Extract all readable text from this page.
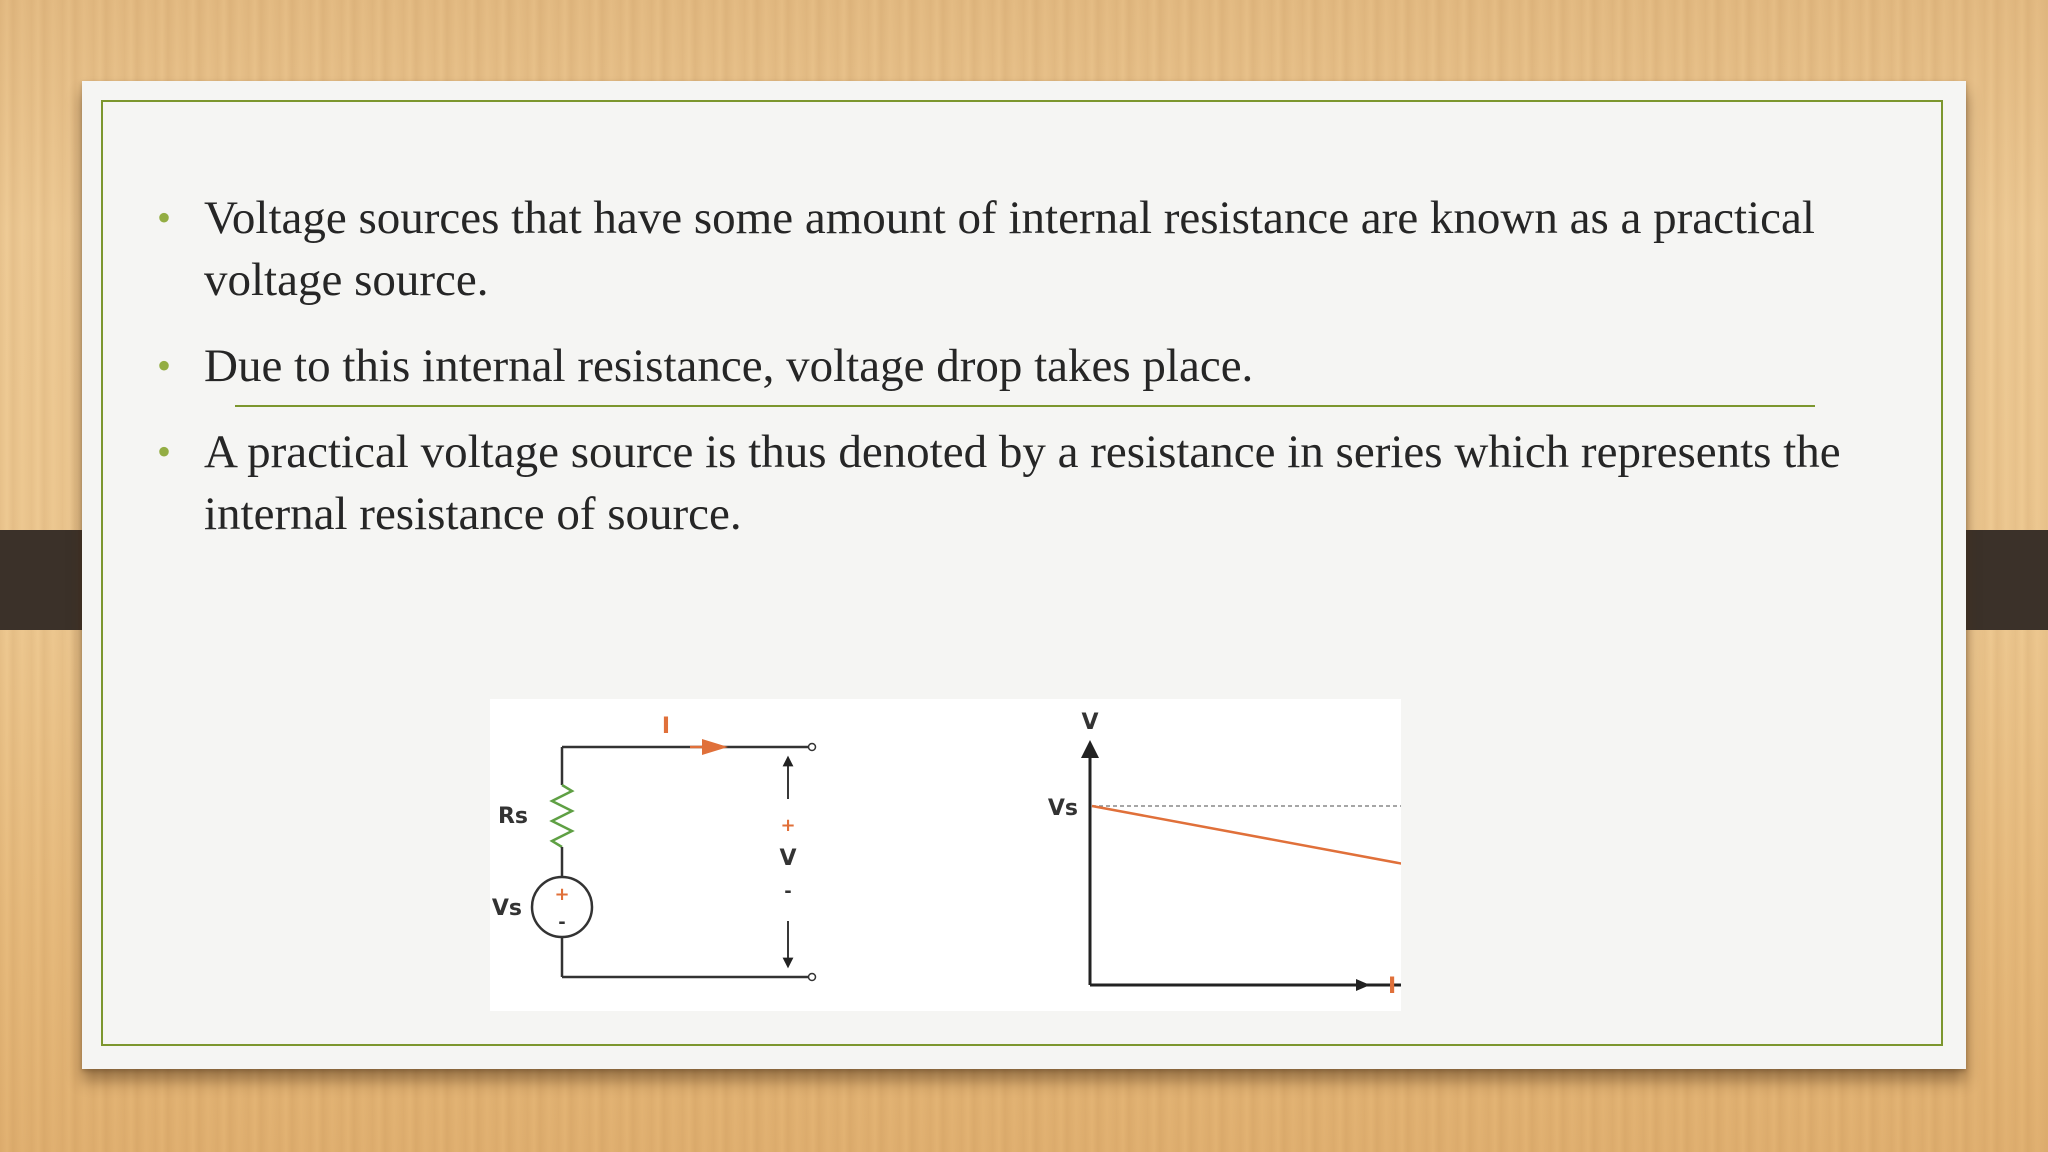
• Voltage sources that have some amount of internal resistance are known as a practical voltage source.
• Due to this internal resistance, voltage drop takes place.
• A practical voltage source is thus denoted by a resistance in series which represents the internal resistance of source.
+
-
I
Rs
Vs
+
V
-
V
I
Vs
